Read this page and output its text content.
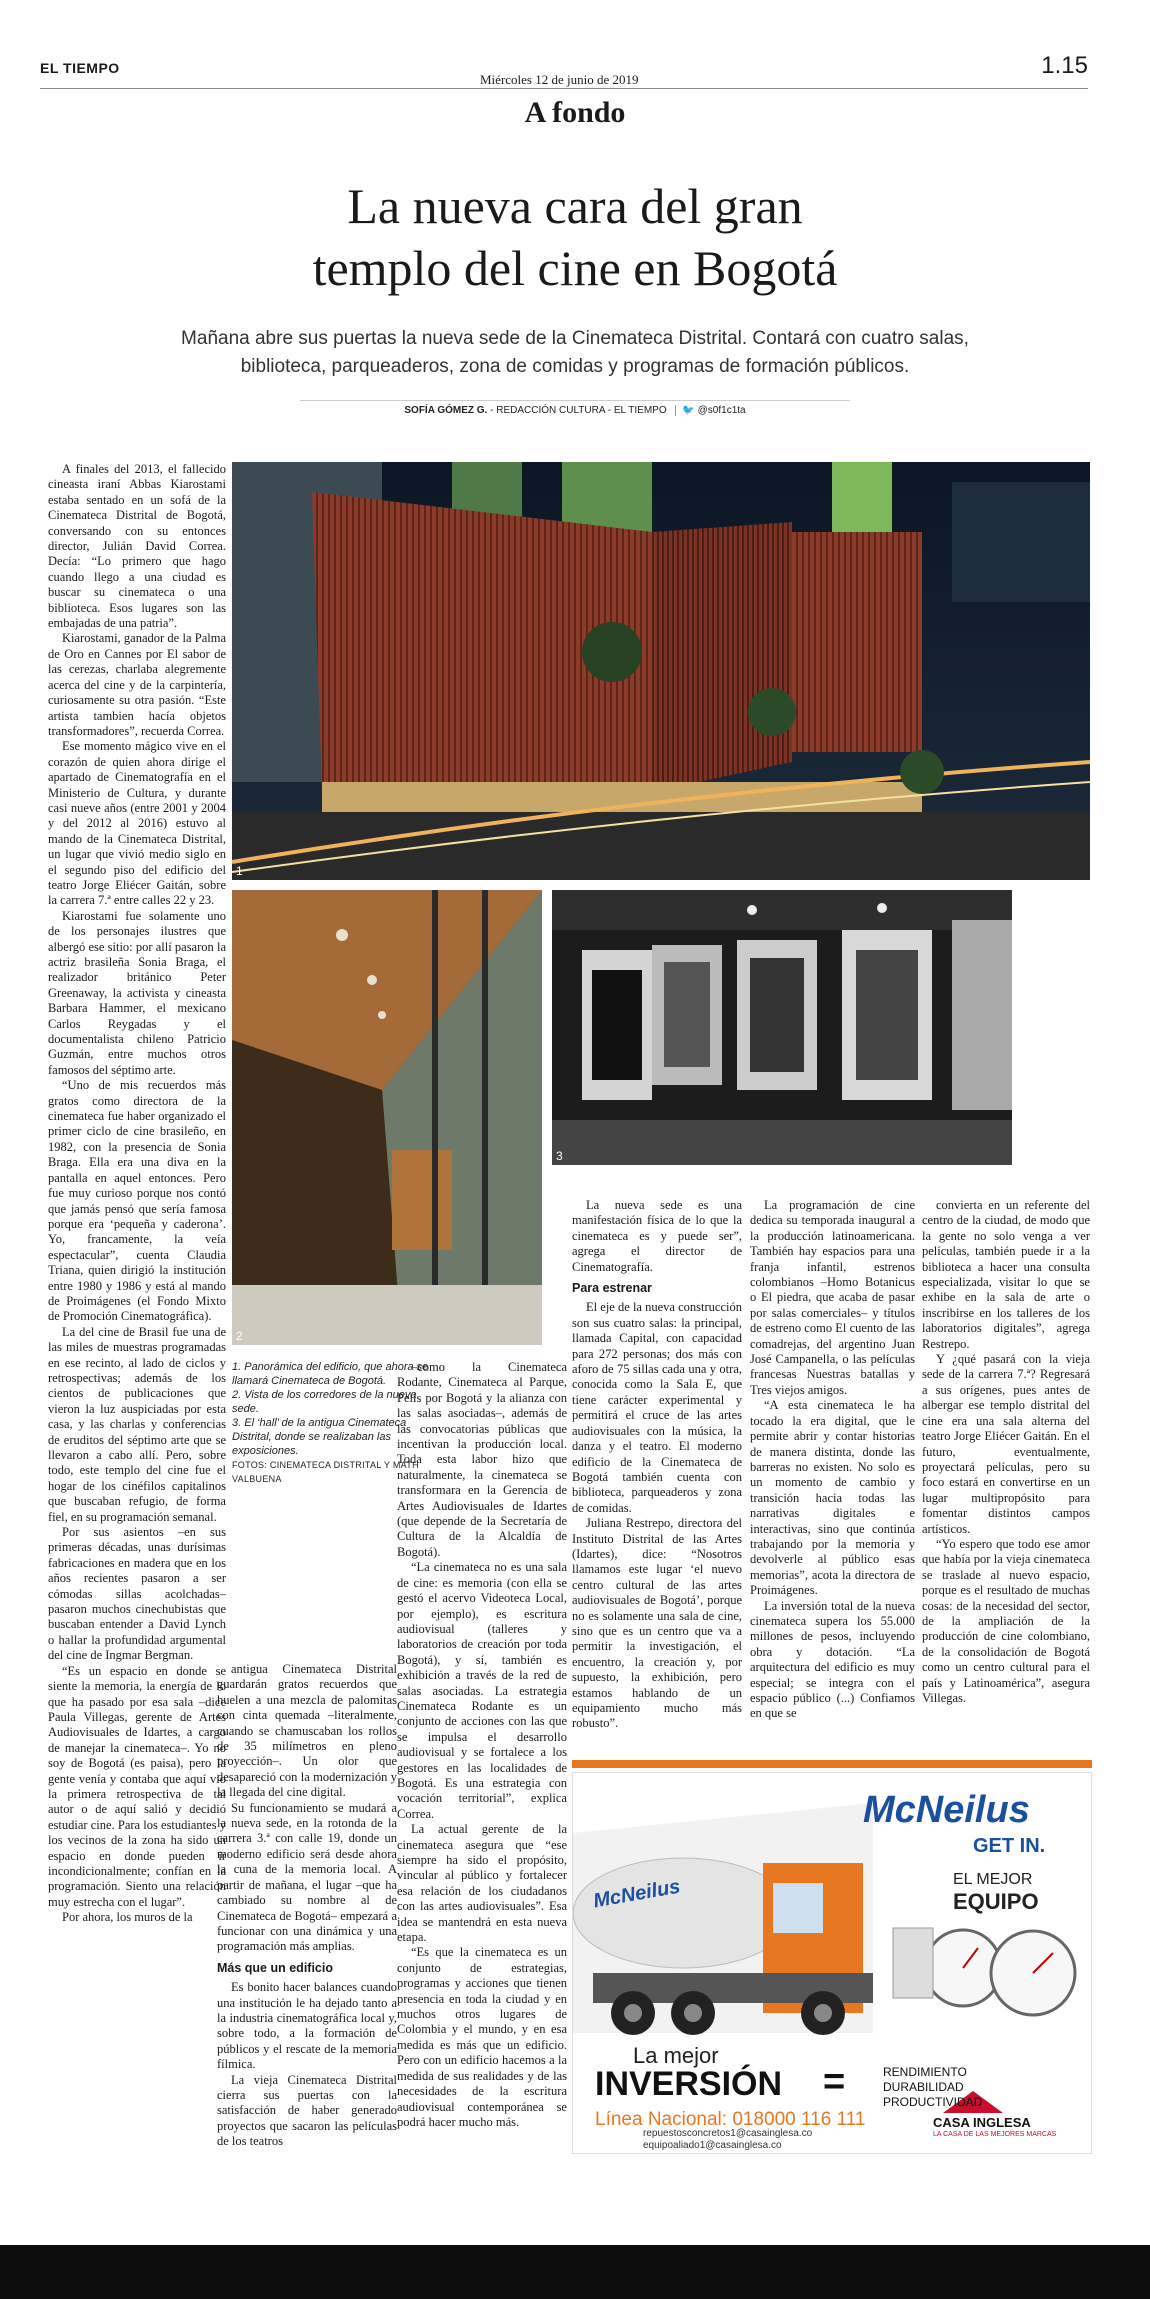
EL TIEMPO
Miércoles 12 de junio de 2019
1.15
A fondo
La nueva cara del gran
templo del cine en Bogotá
Mañana abre sus puertas la nueva sede de la Cinemateca Distrital. Contará con cuatro salas, biblioteca, parqueaderos, zona de comidas y programas de formación públicos.
SOFÍA GÓMEZ G. - REDACCIÓN CULTURA - EL TIEMPO 🐦 @s0f1c1ta

A finales del 2013, el fallecido cineasta iraní Abbas Kiarostami estaba sentado en un sofá de la Cinemateca Distrital de Bogotá, conversando con su entonces director, Julián David Correa. Decía: “Lo primero que hago cuando llego a una ciudad es buscar su cinemateca o una biblioteca. Esos lugares son las embajadas de una patria”.

Kiarostami, ganador de la Palma de Oro en Cannes por El sabor de las cerezas, charlaba alegremente acerca del cine y de la carpintería, curiosamente su otra pasión. “Este artista tambien hacía objetos transformadores”, recuerda Correa.

Ese momento mágico vive en el corazón de quien ahora dirige el apartado de Cinematografía en el Ministerio de Cultura, y durante casi nueve años (entre 2001 y 2004 y del 2012 al 2016) estuvo al mando de la Cinemateca Distrital, un lugar que vivió medio siglo en el segundo piso del edificio del teatro Jorge Eliécer Gaitán, sobre la carrera 7.ª entre calles 22 y 23.

Kiarostami fue solamente uno de los personajes ilustres que albergó ese sitio: por allí pasaron la actriz brasileña Sonia Braga, el realizador británico Peter Greenaway, la activista y cineasta Barbara Hammer, el mexicano Carlos Reygadas y el documentalista chileno Patricio Guzmán, entre muchos otros famosos del séptimo arte.

“Uno de mis recuerdos más gratos como directora de la cinemateca fue haber organizado el primer ciclo de cine brasileño, en 1982, con la presencia de Sonia Braga. Ella era una diva en la pantalla en aquel entonces. Pero fue muy curioso porque nos contó que jamás pensó que sería famosa porque era ‘pequeña y caderona’. Yo, francamente, la veía espectacular”, cuenta Claudia Triana, quien dirigió la institución entre 1980 y 1986 y está al mando de Proimágenes (el Fondo Mixto de Promoción Cinematográfica).

La del cine de Brasil fue una de las miles de muestras programadas en ese recinto, al lado de ciclos y retrospectivas; además de los cientos de publicaciones que vieron la luz auspiciadas por esta casa, y las charlas y conferencias de eruditos del séptimo arte que se llevaron a cabo allí. Pero, sobre todo, este templo del cine fue el hogar de los cinéfilos capitalinos que buscaban refugio, de forma fiel, en su programación semanal.

Por sus asientos –en sus primeras décadas, unas durísimas fabricaciones en madera que en los años recientes pasaron a ser cómodas sillas acolchadas– pasaron muchos cinechubistas que buscaban entender a David Lynch o hallar la profundidad argumental del cine de Ingmar Bergman.

“Es un espacio en donde se siente la memoria, la energía de lo que ha pasado por esa sala –dice Paula Villegas, gerente de Artes Audiovisuales de Idartes, a cargo de manejar la cinemateca–. Yo no soy de Bogotá (es paisa), pero la gente venía y contaba que aquí vio la primera retrospectiva de tal autor o de aquí salió y decidió estudiar cine. Para los estudiantes y los vecinos de la zona ha sido un espacio en donde pueden ir incondicionalmente; confían en la programación. Siento una relación muy estrecha con el lugar”.

Por ahora, los muros de la

1
2
3
1. Panorámica del edificio, que ahora se llamará Cinemateca de Bogotá.
2. Vista de los corredores de la nueva sede.
3. El ‘hall’ de la antigua Cinemateca Distrital, donde se realizaban las exposiciones.
FOTOS: CINEMATECA DISTRITAL Y MATH VALBUENA

antigua Cinemateca Distrital guardarán gratos recuerdos que huelen a una mezcla de palomitas con cinta quemada –literalmente, cuando se chamuscaban los rollos de 35 milímetros en pleno proyección–. Un olor que desapareció con la modernización y la llegada del cine digital.

Su funcionamiento se mudará a la nueva sede, en la rotonda de la carrera 3.ª con calle 19, donde un moderno edificio será desde ahora la cuna de la memoria local. A partir de mañana, el lugar –que ha cambiado su nombre al de Cinemateca de Bogotá– empezará a funcionar con una dinámica y una programación más amplias.

Más que un edificio

Es bonito hacer balances cuando una institución le ha dejado tanto a la industria cinematográfica local y, sobre todo, a la formación de públicos y el rescate de la memoria fílmica.

La vieja Cinemateca Distrital cierra sus puertas con la satisfacción de haber generado proyectos que sacaron las películas de los teatros

–como la Cinemateca Rodante, Cinemateca al Parque, Pelis por Bogotá y la alianza con las salas asociadas–, además de las convocatorias públicas que incentivan la producción local. Toda esta labor hizo que naturalmente, la cinemateca se transformara en la Gerencia de Artes Audiovisuales de Idartes (que depende de la Secretaría de Cultura de la Alcaldía de Bogotá).

“La cinemateca no es una sala de cine: es memoria (con ella se gestó el acervo Videoteca Local, por ejemplo), es escritura audiovisual (talleres y laboratorios de creación por toda Bogotá), y sí, también es exhibición a través de la red de salas asociadas. La estrategia Cinemateca Rodante es un conjunto de acciones con las que se impulsa el desarrollo audiovisual y se fortalece a los gestores en las localidades de Bogotá. Es una estrategia con vocación territorial”, explica Correa.

La actual gerente de la cinemateca asegura que “ese siempre ha sido el propósito, vincular al público y fortalecer esa relación de los ciudadanos con las artes audiovisuales”. Esa idea se mantendrá en esta nueva etapa.

“Es que la cinemateca es un conjunto de estrategias, programas y acciones que tienen presencia en toda la ciudad y en muchos otros lugares de Colombia y el mundo, y en esa medida es más que un edificio. Pero con un edificio hacemos a la medida de sus realidades y de las necesidades de la escritura audiovisual contemporánea se podrá hacer mucho más.

La nueva sede es una manifestación física de lo que la cinemateca es y puede ser”, agrega el director de Cinematografía.

Para estrenar

El eje de la nueva construcción son sus cuatro salas: la principal, llamada Capital, con capacidad para 272 personas; dos más con aforo de 75 sillas cada una y otra, conocida como la Sala E, que tiene carácter experimental y permitirá el cruce de las artes audiovisuales con la música, la danza y el teatro. El moderno edificio de la Cinemateca de Bogotá también cuenta con biblioteca, parqueaderos y zona de comidas.

Juliana Restrepo, directora del Instituto Distrital de las Artes (Idartes), dice: “Nosotros llamamos este lugar ‘el nuevo centro cultural de las artes audiovisuales de Bogotá’, porque no es solamente una sala de cine, sino que es un centro que va a permitir la investigación, el encuentro, la creación y, por supuesto, la exhibición, pero estamos hablando de un equipamiento mucho más robusto”.

La programación de cine dedica su temporada inaugural a la producción latinoamericana. También hay espacios para una franja infantil, estrenos colombianos –Homo Botanicus o El piedra, que acaba de pasar por salas comerciales– y títulos de estreno como El cuento de las comadrejas, del argentino Juan José Campanella, o las películas francesas Nuestras batallas y Tres viejos amigos.

“A esta cinemateca le ha tocado la era digital, que le permite abrir y contar historias de manera distinta, donde las barreras no existen. No solo es un momento de cambio y transición hacia todas las narrativas digitales e interactivas, sino que continúa trabajando por la memoria y devolverle al público esas memorias”, acota la directora de Proimágenes.

La inversión total de la nueva cinemateca supera los 55.000 millones de pesos, incluyendo obra y dotación. “La arquitectura del edificio es muy especial; se integra con el espacio público (...) Confiamos en que se

convierta en un referente del centro de la ciudad, de modo que la gente no solo venga a ver películas, también puede ir a la biblioteca a hacer una consulta especializada, visitar lo que se exhibe en la sala de arte o inscribirse en los talleres de los laboratorios digitales”, agrega Restrepo.

Y ¿qué pasará con la vieja sede de la carrera 7.ª? Regresará a sus orígenes, pues antes de albergar ese templo distrital del cine era una sala alterna del teatro Jorge Eliécer Gaitán. En el futuro, eventualmente, proyectará películas, pero su foco estará en convertirse en un lugar multipropósito para fomentar distintos campos artísticos.

“Yo espero que todo ese amor que había por la vieja cinemateca se traslade al nuevo espacio, porque es el resultado de muchas cosas: de la necesidad del sector, de la ampliación de la producción de cine colombiano, de la consolidación de Bogotá como un centro cultural para el país y Latinoamérica”, asegura Villegas.

McNeilus
GET IN.
EL MEJOR
EQUIPO
McNeilus
La mejor
INVERSIÓN =	RENDIMIENTO
DURABILIDAD
PRODUCTIVIDAD
Línea Nacional: 018000 116 111
repuestosconcretos1@casainglesa.co
equipoaliado1@casainglesa.co
CASA INGLESA
LA CASA DE LAS MEJORES MARCAS
